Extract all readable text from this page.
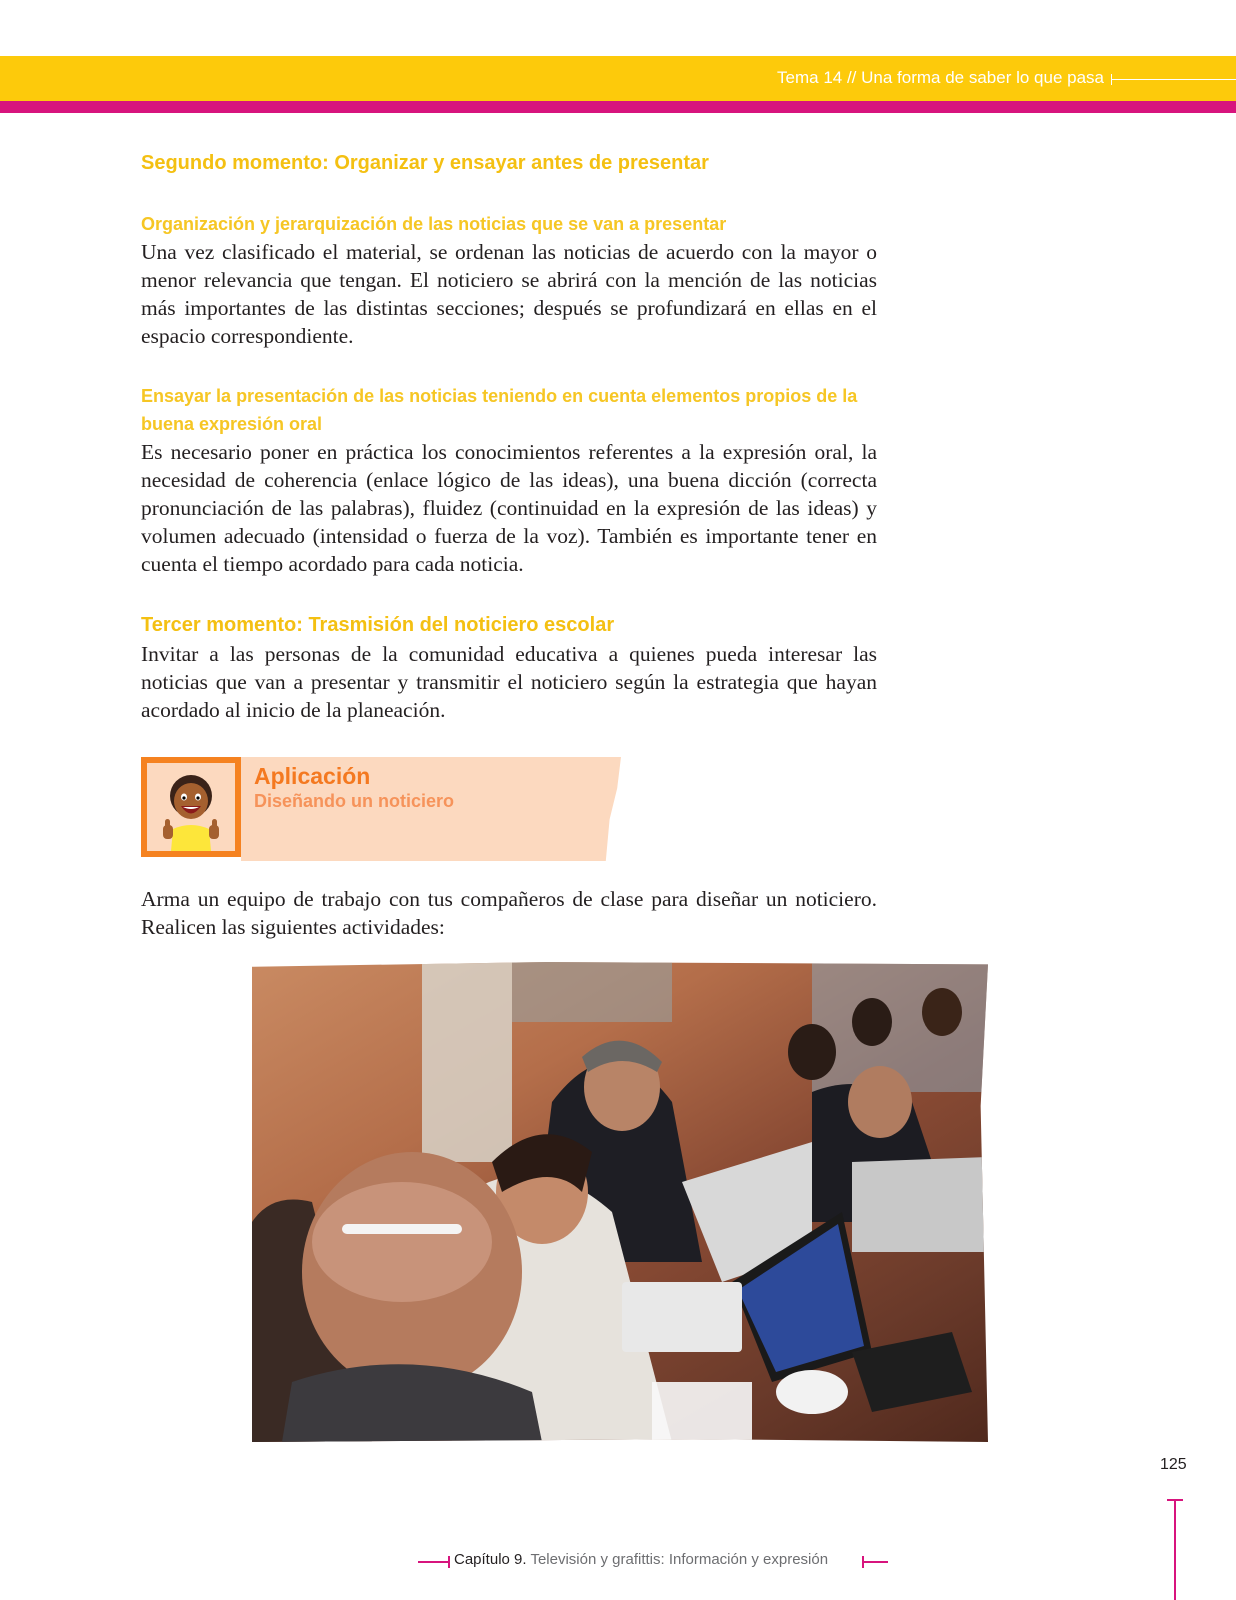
Tema 14 // Una forma de saber lo que pasa
Segundo momento: Organizar y ensayar antes de presentar
Organización y jerarquización de las noticias que se van a presentar

Una vez clasificado el material, se ordenan las noticias de acuerdo con la mayor o menor relevancia que tengan. El noticiero se abrirá con la mención de las noticias más importantes de las distintas secciones; después se profundizará en ellas en el espacio correspondiente.

Ensayar la presentación de las noticias teniendo en cuenta elementos propios de la buena expresión oral

Es necesario poner en práctica los conocimientos referentes a la expresión oral, la necesidad de coherencia (enlace lógico de las ideas), una buena dicción (correcta pronunciación de las palabras), fluidez (continuidad en la expresión de las ideas) y volumen adecuado (intensidad o fuerza de la voz). También es importante tener en cuenta el tiempo acordado para cada noticia.

Tercer momento: Trasmisión del noticiero escolar

Invitar a las personas de la comunidad educativa a quienes pueda interesar las noticias que van a presentar y transmitir el noticiero según la estrategia que hayan acordado al inicio de la planeación.

Aplicación
Diseñando un noticiero

Arma un equipo de trabajo con tus compañeros de clase para diseñar un noticiero. Realicen las siguientes actividades:

125
Capítulo 9. Televisión y grafittis: Información y expresión
